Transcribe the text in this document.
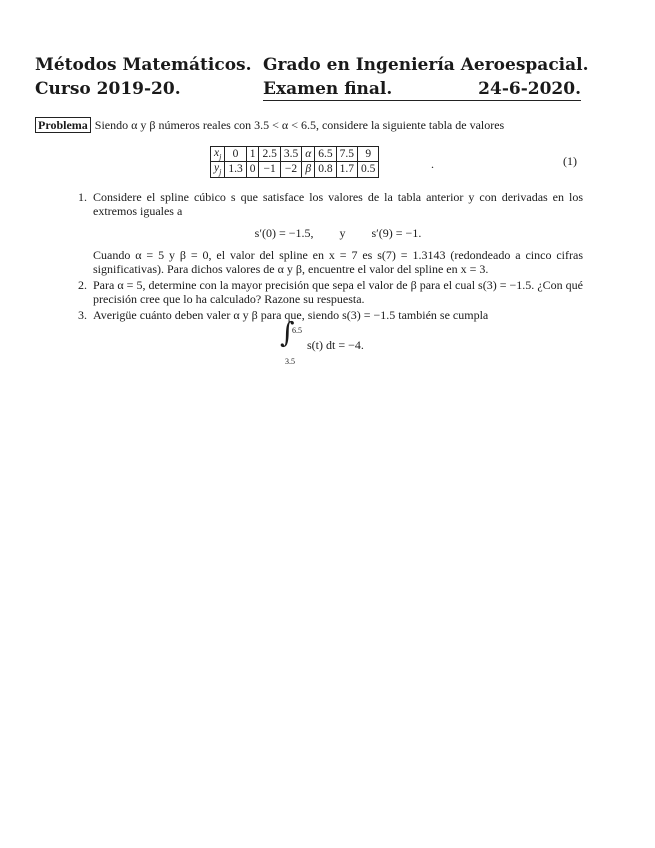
Métodos Matemáticos. Grado en Ingeniería Aeroespacial.
Curso 2019-20.	Examen final.	24-6-2020.
Problema Siendo α y β números reales con 3.5 < α < 6.5, considere la siguiente tabla de valores
$x_j$	0	1	2.5	3.5	α	6.5	7.5	9
$y_j$	1.3	0	−1	−2	β	0.8	1.7	0.5	.	(1)
1. Considere el spline cúbico s que satisface los valores de la tabla anterior y con derivadas en los extremos iguales a

s′(0) = −1.5, y s′(9) = −1.

Cuando α = 5 y β = 0, el valor del spline en x = 7 es s(7) = 1.3143 (redondeado a cinco cifras significativas). Para dichos valores de α y β, encuentre el valor del spline en x = 3.

2. Para α = 5, determine con la mayor precisión que sepa el valor de β para el cual s(3) = −1.5. ¿Con qué precisión cree que lo ha calculado? Razone su respuesta.

3. Averigüe cuánto deben valer α y β para que, siendo s(3) = −1.5 también se cumpla

∫
6.5
3.5
s(t) dt = −4.
